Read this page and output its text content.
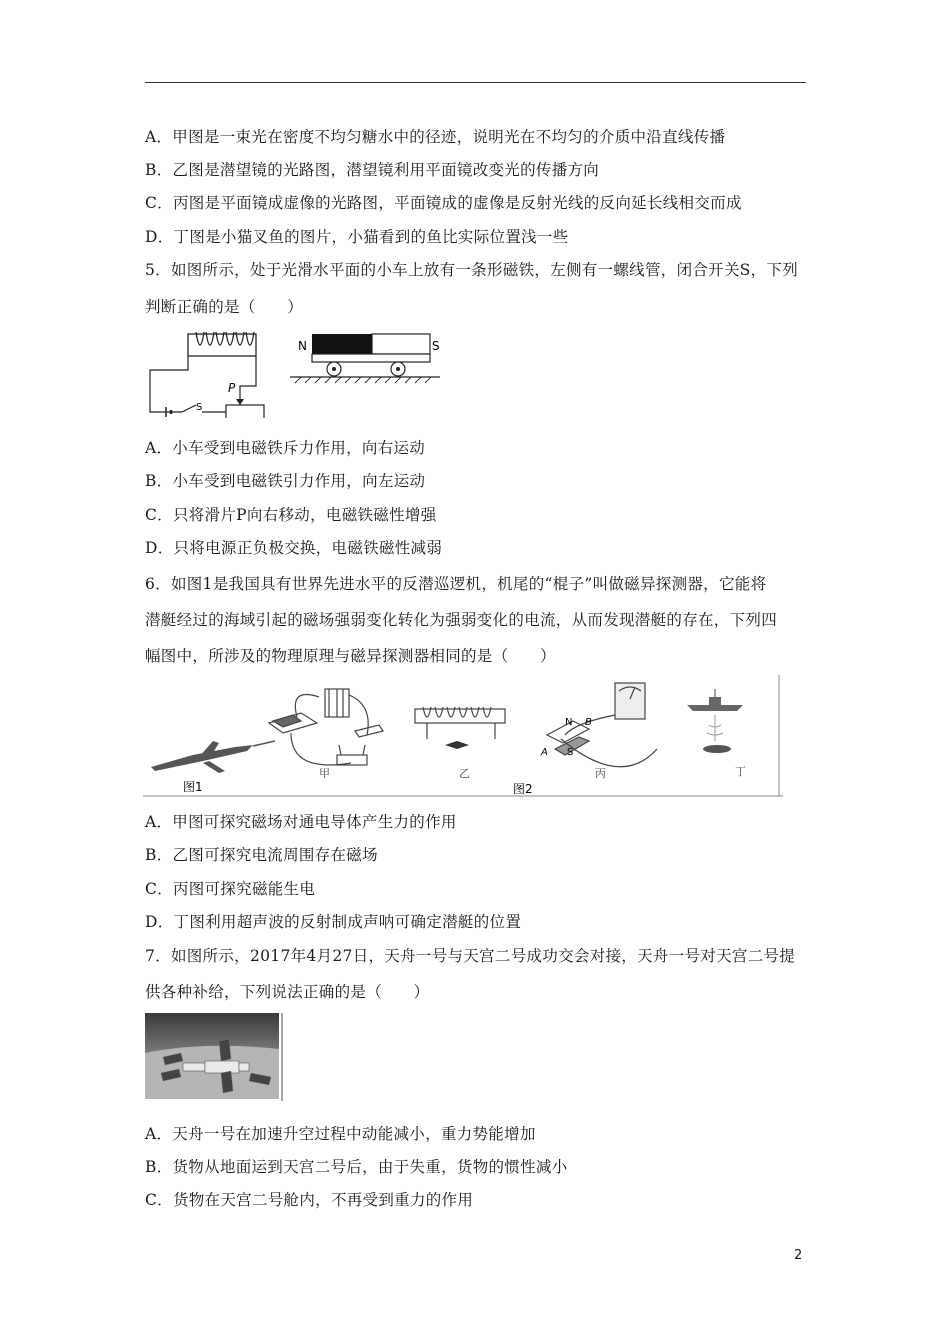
A．甲图是一束光在密度不均匀糖水中的径迹，说明光在不均匀的介质中沿直线传播
B．乙图是潜望镜的光路图，潜望镜利用平面镜改变光的传播方向
C．丙图是平面镜成虚像的光路图，平面镜成的虚像是反射光线的反向延长线相交而成
D．丁图是小猫叉鱼的图片，小猫看到的鱼比实际位置浅一些
5．如图所示，处于光滑水平面的小车上放有一条形磁铁，左侧有一螺线管，闭合开关S，下列
判断正确的是（　　）
P
S
N	S
A．小车受到电磁铁斥力作用，向右运动
B．小车受到电磁铁引力作用，向左运动
C．只将滑片P向右移动，电磁铁磁性增强
D．只将电源正负极交换，电磁铁磁性减弱
6．如图1是我国具有世界先进水平的反潜巡逻机，机尾的“棍子”叫做磁异探测器，它能将
潜艇经过的海域引起的磁场强弱变化转化为强弱变化的电流，从而发现潜艇的存在，下列四
幅图中，所涉及的物理原理与磁异探测器相同的是（　　）
图1
甲	乙
图2
N B
A S
丙	丁
A．甲图可探究磁场对通电导体产生力的作用
B．乙图可探究电流周围存在磁场
C．丙图可探究磁能生电
D．丁图利用超声波的反射制成声呐可确定潜艇的位置
7．如图所示，2017年4月27日，天舟一号与天宫二号成功交会对接，天舟一号对天宫二号提
供各种补给，下列说法正确的是（　　）
A．天舟一号在加速升空过程中动能减小，重力势能增加
B．货物从地面运到天宫二号后，由于失重，货物的惯性减小
C．货物在天宫二号舱内，不再受到重力的作用
2
